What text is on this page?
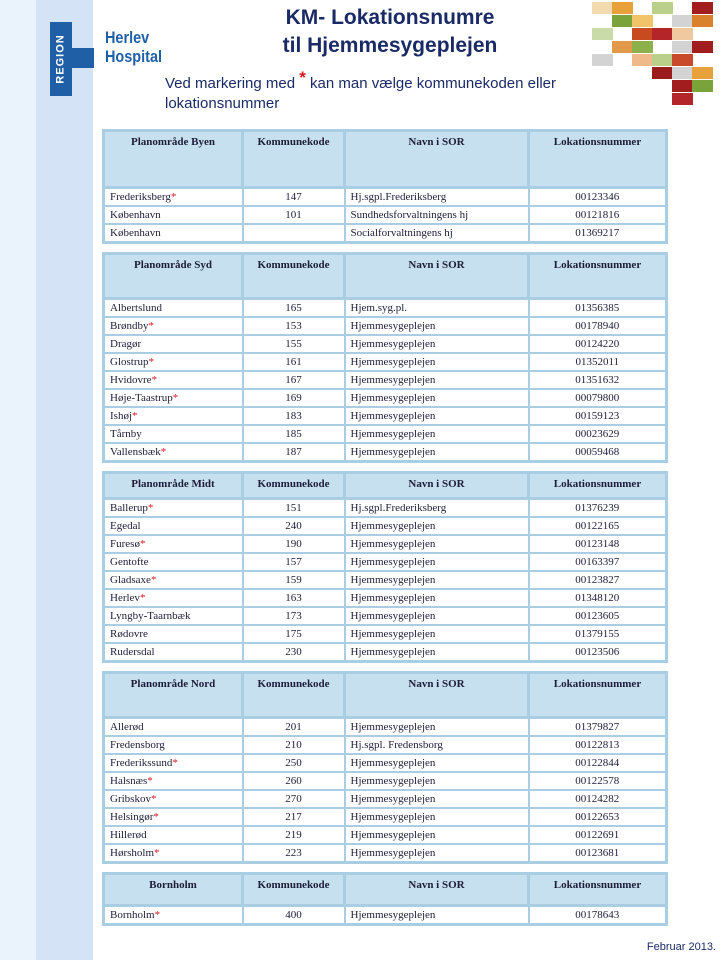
REGION Herlev
Hospital
KM- Lokationsnumre
til Hjemmesygeplejen
Ved markering med * kan man vælge kommunekoden eller lokationsnummer
Planområde Byen	Kommunekode	Navn i SOR	Lokationsnummer
Frederiksberg*	147	Hj.sgpl.Frederiksberg	00123346
København	101	Sundhedsforvaltningens hj	00121816
København		Socialforvaltningens hj	01369217
Planområde Syd	Kommunekode	Navn i SOR	Lokationsnummer
Albertslund	165	Hjem.syg.pl.	01356385
Brøndby*	153	Hjemmesygeplejen	00178940
Dragør	155	Hjemmesygeplejen	00124220
Glostrup*	161	Hjemmesygeplejen	01352011
Hvidovre*	167	Hjemmesygeplejen	01351632
Høje-Taastrup*	169	Hjemmesygeplejen	00079800
Ishøj*	183	Hjemmesygeplejen	00159123
Tårnby	185	Hjemmesygeplejen	00023629
Vallensbæk*	187	Hjemmesygeplejen	00059468
Planområde Midt	Kommunekode	Navn i SOR	Lokationsnummer
Ballerup*	151	Hj.sgpl.Frederiksberg	01376239
Egedal	240	Hjemmesygeplejen	00122165
Furesø*	190	Hjemmesygeplejen	00123148
Gentofte	157	Hjemmesygeplejen	00163397
Gladsaxe*	159	Hjemmesygeplejen	00123827
Herlev*	163	Hjemmesygeplejen	01348120
Lyngby-Taarnbæk	173	Hjemmesygeplejen	00123605
Rødovre	175	Hjemmesygeplejen	01379155
Rudersdal	230	Hjemmesygeplejen	00123506
Planområde Nord	Kommunekode	Navn i SOR	Lokationsnummer
Allerød	201	Hjemmesygeplejen	01379827
Fredensborg	210	Hj.sgpl. Fredensborg	00122813
Frederikssund*	250	Hjemmesygeplejen	00122844
Halsnæs*	260	Hjemmesygeplejen	00122578
Gribskov*	270	Hjemmesygeplejen	00124282
Helsingør*	217	Hjemmesygeplejen	00122653
Hillerød	219	Hjemmesygeplejen	00122691
Hørsholm*	223	Hjemmesygeplejen	00123681
Bornholm	Kommunekode	Navn i SOR	Lokationsnummer
Bornholm*	400	Hjemmesygeplejen	00178643
Februar 2013.
